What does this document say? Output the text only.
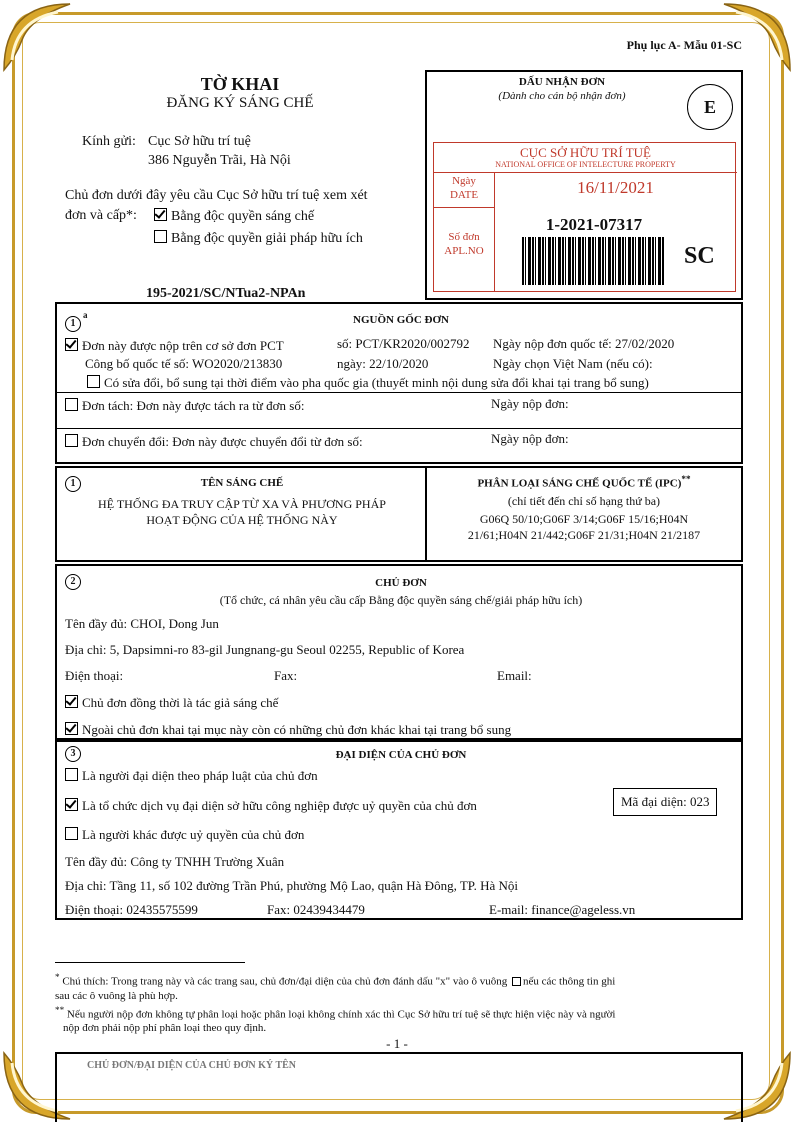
Phụ lục A- Mẫu 01-SC
TỜ KHAI
ĐĂNG KÝ SÁNG CHẾ
Kính gửi: Cục Sở hữu trí tuệ
386 Nguyễn Trãi, Hà Nội
Chủ đơn dưới đây yêu cầu Cục Sở hữu trí tuệ xem xét
đơn và cấp*:	Bằng độc quyền sáng chế
Bằng độc quyền giải pháp hữu ích
195-2021/SC/NTua2-NPAn
DẤU NHẬN ĐƠN
(Dành cho cán bộ nhận đơn)
E
CỤC SỞ HỮU TRÍ TUỆ
NATIONAL OFFICE OF INTELECTURE PROPERTY
Ngày
DATE	16/11/2021
Số đơn
APL.NO
1-2021-07317
SC
1
a	NGUỒN GỐC ĐƠN
Đơn này được nộp trên cơ sở đơn PCT	số: PCT/KR2020/002792 Ngày nộp đơn quốc tế: 27/02/2020
Công bố quốc tế số: WO2020/213830	ngày: 22/10/2020	Ngày chọn Việt Nam (nếu có):
Có sửa đổi, bổ sung tại thời điểm vào pha quốc gia (thuyết minh nội dung sửa đổi khai tại trang bổ sung)
Đơn tách: Đơn này được tách ra từ đơn số:	Ngày nộp đơn:
Đơn chuyển đổi: Đơn này được chuyển đổi từ đơn số:	Ngày nộp đơn:
1	TÊN SÁNG CHẾ
HỆ THỐNG ĐA TRUY CẬP TỪ XA VÀ PHƯƠNG PHÁP
HOẠT ĐỘNG CỦA HỆ THỐNG NÀY
PHÂN LOẠI SÁNG CHẾ QUỐC TẾ (IPC)**
(chỉ tiết đến chỉ số hạng thứ ba)
G06Q 50/10;G06F 3/14;G06F 15/16;H04N
21/61;H04N 21/442;G06F 21/31;H04N 21/2187
2	CHỦ ĐƠN
(Tổ chức, cá nhân yêu cầu cấp Bằng độc quyền sáng chế/giải pháp hữu ích)
Tên đầy đủ: CHOI, Dong Jun
Địa chỉ: 5, Dapsimni-ro 83-gil Jungnang-gu Seoul 02255, Republic of Korea
Điện thoại:	Fax:	Email:
Chủ đơn đồng thời là tác giả sáng chế
Ngoài chủ đơn khai tại mục này còn có những chủ đơn khác khai tại trang bổ sung
3	ĐẠI DIỆN CỦA CHỦ ĐƠN
Là người đại diện theo pháp luật của chủ đơn
Là tổ chức dịch vụ đại diện sở hữu công nghiệp được uỷ quyền của chủ đơn	Mã đại diện: 023
Là người khác được uỷ quyền của chủ đơn
Tên đầy đủ: Công ty TNHH Trường Xuân
Địa chỉ: Tầng 11, số 102 đường Trần Phú, phường Mộ Lao, quận Hà Đông, TP. Hà Nội
Điện thoại: 02435575599	Fax: 02439434479	E-mail: finance@ageless.vn
* Chú thích: Trong trang này và các trang sau, chủ đơn/đại diện của chủ đơn đánh dấu "x" vào ô vuông nếu các thông tin ghi
sau các ô vuông là phù hợp.
** Nếu người nộp đơn không tự phân loại hoặc phân loại không chính xác thì Cục Sở hữu trí tuệ sẽ thực hiện việc này và người
nộp đơn phải nộp phí phân loại theo quy định.
- 1 -
CHỦ ĐƠN/ĐẠI DIỆN CỦA CHỦ ĐƠN KÝ TÊN
